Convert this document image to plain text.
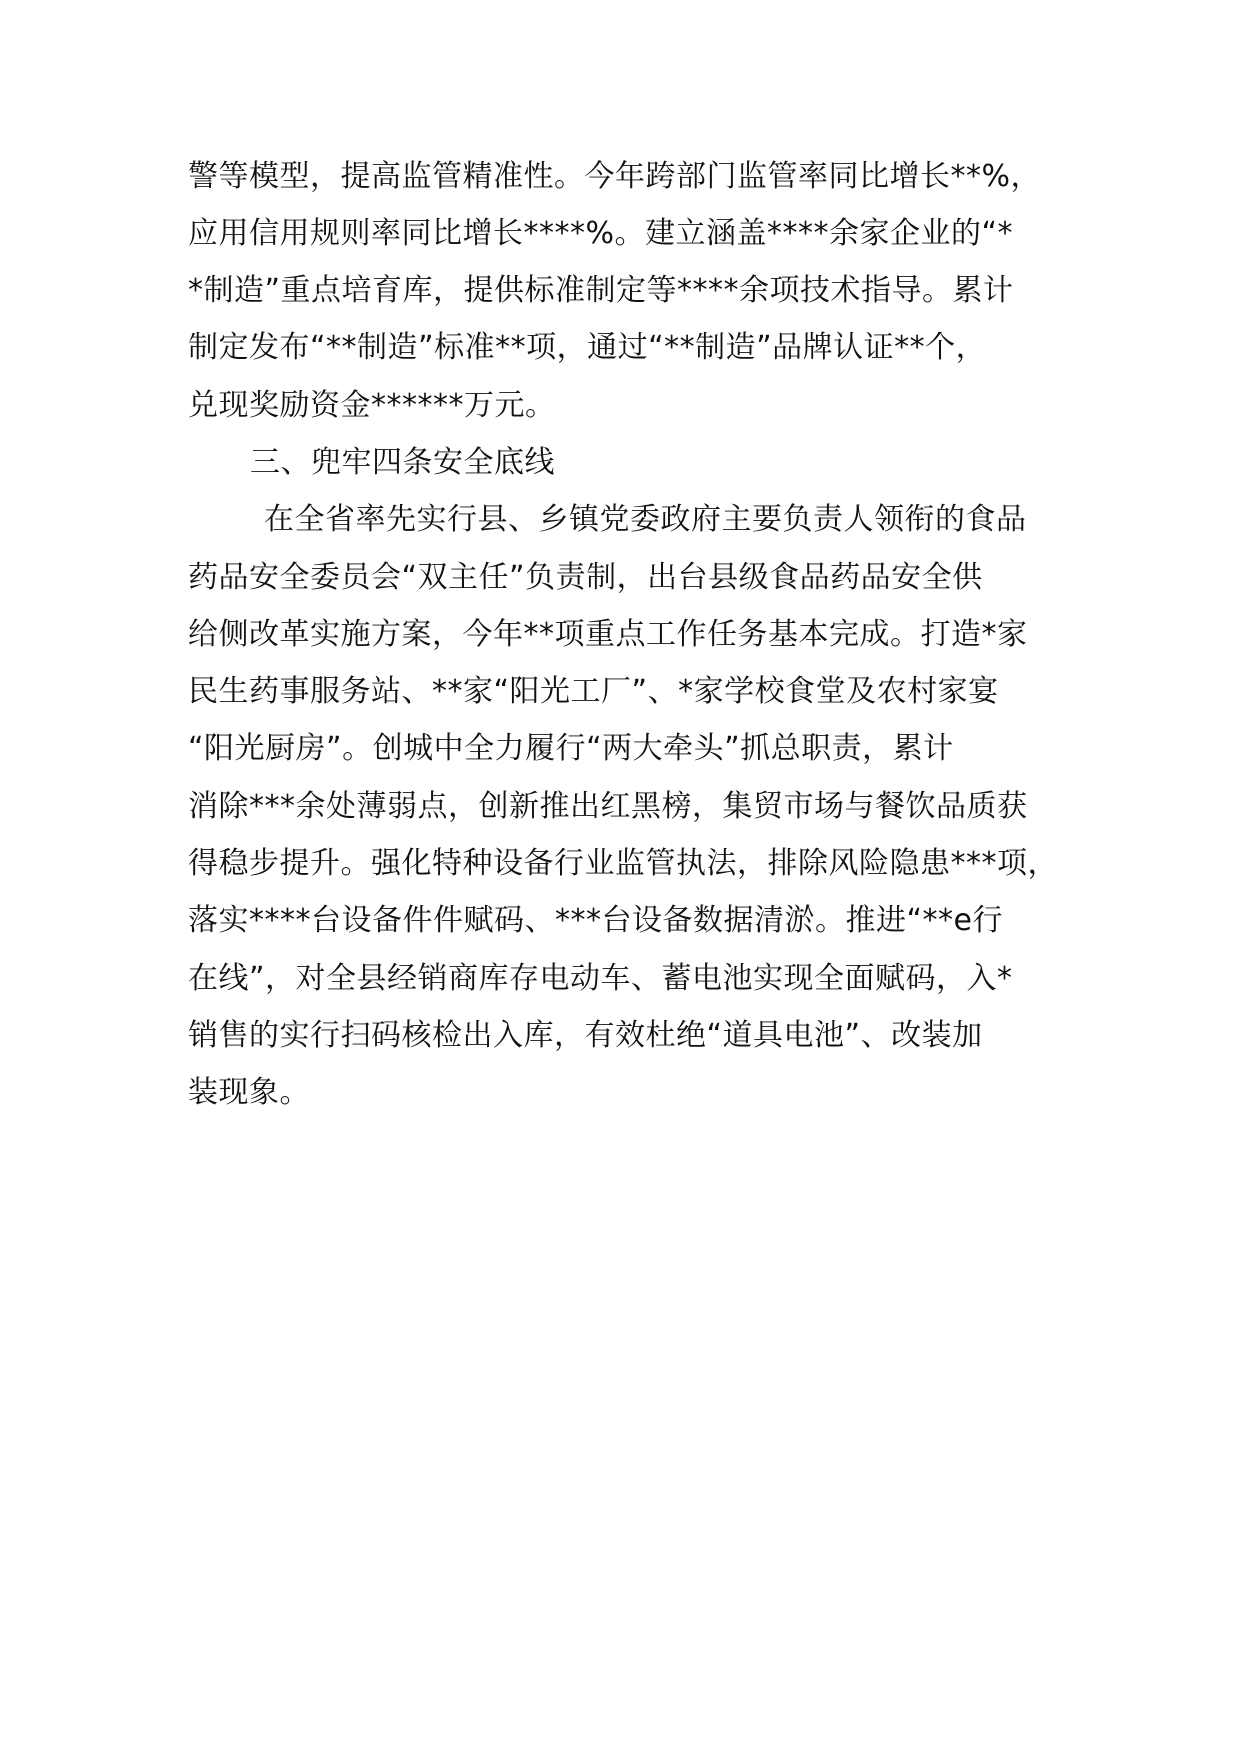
警等模型，提高监管精准性。今年跨部门监管率同比增长**%，
应用信用规则率同比增长****%。建立涵盖****余家企业的“*
*制造”重点培育库，提供标准制定等****余项技术指导。累计
制定发布“**制造”标准**项，通过“**制造”品牌认证**个，
兑现奖励资金******万元。
三、兜牢四条安全底线
在全省率先实行县、乡镇党委政府主要负责人领衔的食品
药品安全委员会“双主任”负责制，出台县级食品药品安全供
给侧改革实施方案，今年**项重点工作任务基本完成。打造*家
民生药事服务站、**家“阳光工厂”、*家学校食堂及农村家宴
“阳光厨房”。创城中全力履行“两大牵头”抓总职责，累计
消除***余处薄弱点，创新推出红黑榜，集贸市场与餐饮品质获
得稳步提升。强化特种设备行业监管执法，排除风险隐患***项，
落实****台设备件件赋码、***台设备数据清淤。推进“**e行
在线”，对全县经销商库存电动车、蓄电池实现全面赋码，入*
销售的实行扫码核检出入库，有效杜绝“道具电池”、改装加
装现象。
